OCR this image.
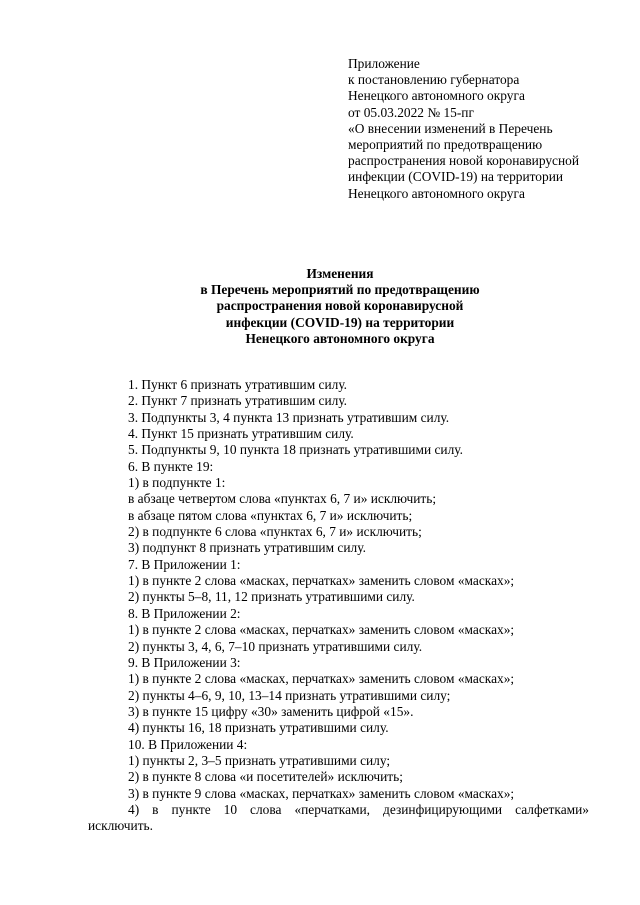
Приложение
к постановлению губернатора
Ненецкого автономного округа
от 05.03.2022 № 15-пг
«О внесении изменений в Перечень
мероприятий по предотвращению
распространения новой коронавирусной
инфекции (COVID-19) на территории
Ненецкого автономного округа
Изменения
в Перечень мероприятий по предотвращению
распространения новой коронавирусной
инфекции (COVID-19) на территории
Ненецкого автономного округа
1. Пункт 6 признать утратившим силу.
2. Пункт 7 признать утратившим силу.
3. Подпункты 3, 4 пункта 13 признать утратившим силу.
4. Пункт 15 признать утратившим силу.
5. Подпункты 9, 10 пункта 18 признать утратившими силу.
6. В пункте 19:
1) в подпункте 1:
в абзаце четвертом слова «пунктах 6, 7 и» исключить;
в абзаце пятом слова «пунктах 6, 7 и» исключить;
2) в подпункте 6 слова «пунктах 6, 7 и» исключить;
3) подпункт 8 признать утратившим силу.
7. В Приложении 1:
1) в пункте 2 слова «масках, перчатках» заменить словом «масках»;
2) пункты 5–8, 11, 12 признать утратившими силу.
8. В Приложении 2:
1) в пункте 2 слова «масках, перчатках» заменить словом «масках»;
2) пункты 3, 4, 6, 7–10 признать утратившими силу.
9. В Приложении 3:
1) в пункте 2 слова «масках, перчатках» заменить словом «масках»;
2) пункты 4–6, 9, 10, 13–14 признать утратившими силу;
3) в пункте 15 цифру «30» заменить цифрой «15».
4) пункты 16, 18 признать утратившими силу.
10. В Приложении 4:
1) пункты 2, 3–5 признать утратившими силу;
2) в пункте 8 слова «и посетителей» исключить;
3) в пункте 9 слова «масках, перчатках» заменить словом «масках»;
4) в пункте 10 слова «перчатками, дезинфицирующими салфетками» исключить.
